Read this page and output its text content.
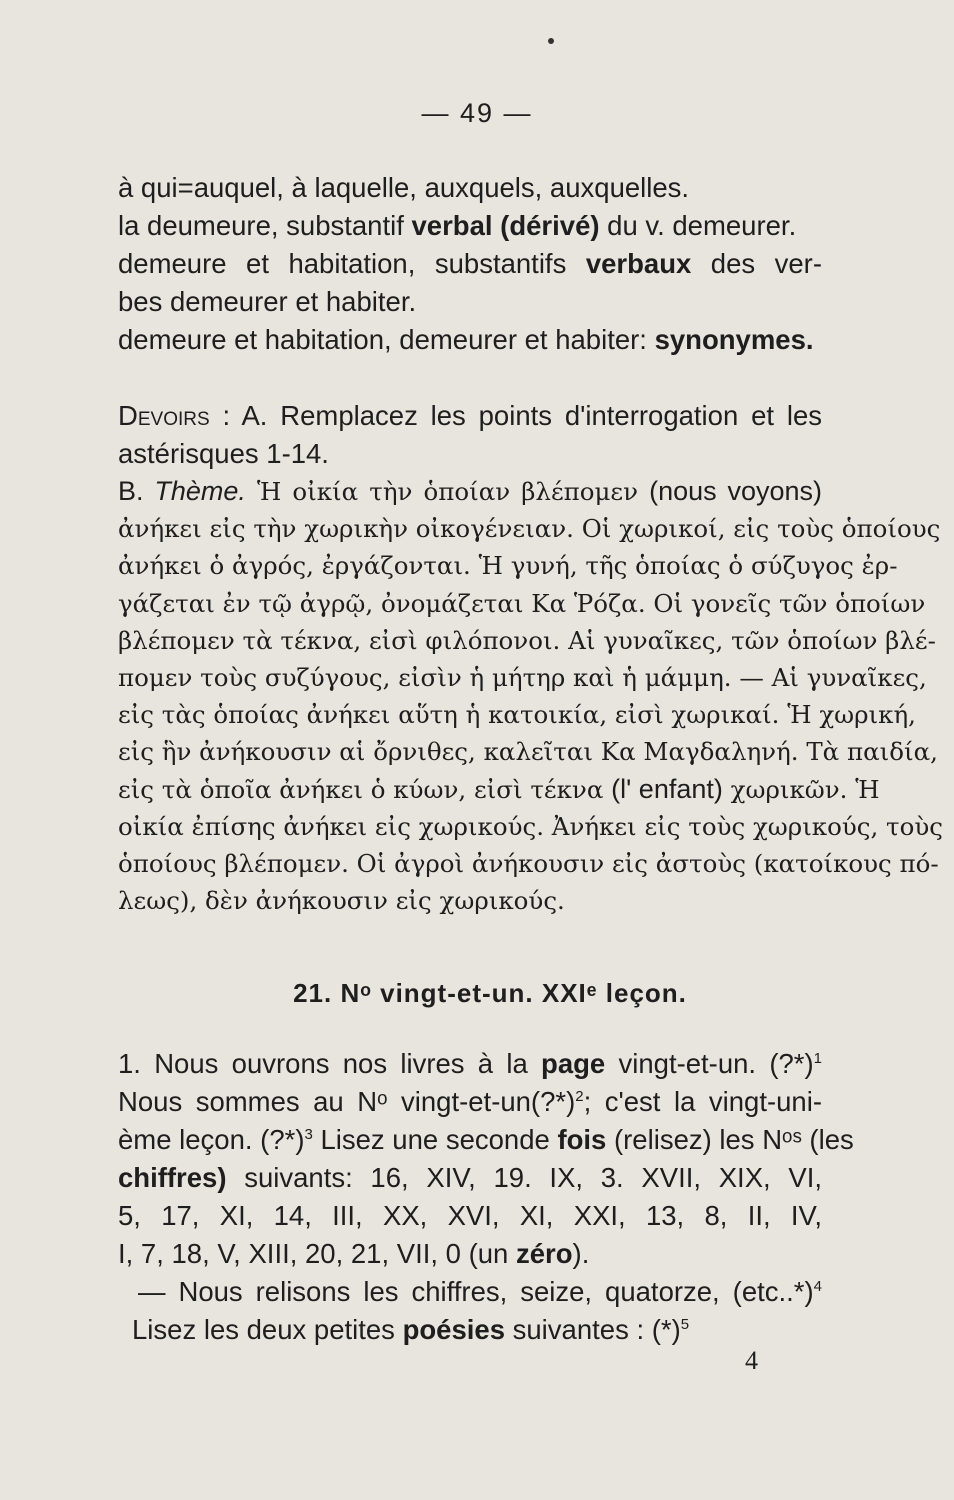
— 49 —
à qui=auquel, à laquelle, auxquels, auxquelles.
la deumeure, substantif verbal (dérivé) du v. demeurer.
demeure et habitation, substantifs verbaux des ver-
bes demeurer et habiter.
demeure et habitation, demeurer et habiter: synonymes.
Devoirs : A. Remplacez les points d'interrogation et les
astérisques 1-14.
B. Thème. Ἡ οἰκία τὴν ὁποίαν βλέπομεν (nous voyons)
ἀνήκει εἰς τὴν χωρικὴν οἰκογένειαν. Οἱ χωρικοί, εἰς τοὺς ὁποίους
ἀνήκει ὁ ἀγρός, ἐργάζονται. Ἡ γυνή, τῆς ὁποίας ὁ σύζυγος ἐρ-
γάζεται ἐν τῷ ἀγρῷ, ὀνομάζεται Κα Ῥόζα. Οἱ γονεῖς τῶν ὁποίων
βλέπομεν τὰ τέκνα, εἰσὶ φιλόπονοι. Αἱ γυναῖκες, τῶν ὁποίων βλέ-
πομεν τοὺς συζύγους, εἰσὶν ἡ μήτηρ καὶ ἡ μάμμη. — Αἱ γυναῖκες,
εἰς τὰς ὁποίας ἀνήκει αὕτη ἡ κατοικία, εἰσὶ χωρικαί. Ἡ χωρική,
εἰς ἣν ἀνήκουσιν αἱ ὄρνιθες, καλεῖται Κα Μαγδαληνή. Τὰ παιδία,
εἰς τὰ ὁποῖα ἀνήκει ὁ κύων, εἰσὶ τέκνα (l' enfant) χωρικῶν. Ἡ
οἰκία ἐπίσης ἀνήκει εἰς χωρικούς. Ἀνήκει εἰς τοὺς χωρικούς, τοὺς
ὁποίους βλέπομεν. Οἱ ἀγροὶ ἀνήκουσιν εἰς ἀστοὺς (κατοίκους πό-
λεως), δὲν ἀνήκουσιν εἰς χωρικούς.
21. Nᵒ vingt-et-un. XXIᵉ leçon.
1. Nous ouvrons nos livres à la page vingt-et-un. (?*)$^1$
Nous sommes au Nᵒ vingt-et-un(?*)$^2$; c'est la vingt-uni-
ème leçon. (?*)$^3$ Lisez une seconde fois (relisez) les Nᵒˢ (les
chiffres) suivants: 16, XIV, 19. IX, 3. XVII, XIX, VI,
5, 17, XI, 14, III, XX, XVI, XI, XXI, 13, 8, II, IV,
I, 7, 18, V, XIII, 20, 21, VII, 0 (un zéro).
— Nous relisons les chiffres, seize, quatorze, $(etc..*)^4$
Lisez les deux petites poésies suivantes : $(*)^5$
4
